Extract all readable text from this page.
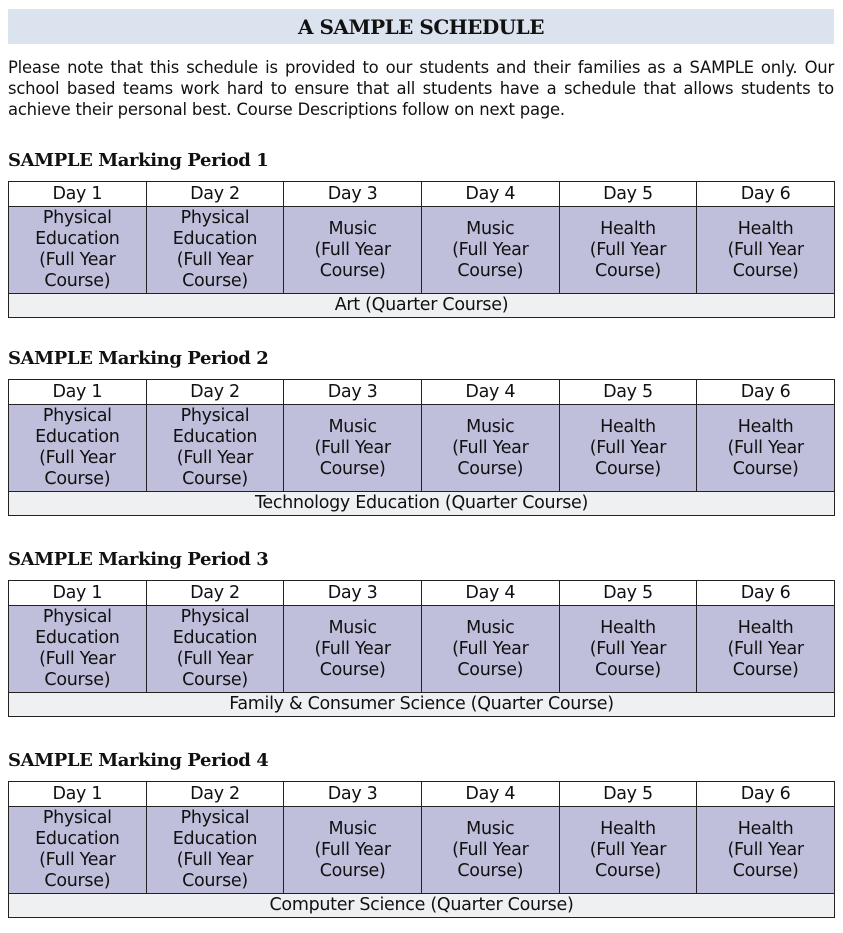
A SAMPLE SCHEDULE
Please note that this schedule is provided to our students and their families as a SAMPLE only. Our school based teams work hard to ensure that all students have a schedule that allows students to achieve their personal best. Course Descriptions follow on next page.
SAMPLE Marking Period 1
Day 1	Day 2	Day 3	Day 4	Day 5	Day 6

Physical
Education
(Full Year
Course)	Physical
Education
(Full Year
Course)	Music
(Full Year
Course)	Music
(Full Year
Course)	Health
(Full Year
Course)	Health
(Full Year
Course)

Art (Quarter Course)					
SAMPLE Marking Period 2
Day 1	Day 2	Day 3	Day 4	Day 5	Day 6

Physical
Education
(Full Year
Course)	Physical
Education
(Full Year
Course)	Music
(Full Year
Course)	Music
(Full Year
Course)	Health
(Full Year
Course)	Health
(Full Year
Course)

Technology Education (Quarter Course)					
SAMPLE Marking Period 3
Day 1	Day 2	Day 3	Day 4	Day 5	Day 6

Physical
Education
(Full Year
Course)	Physical
Education
(Full Year
Course)	Music
(Full Year
Course)	Music
(Full Year
Course)	Health
(Full Year
Course)	Health
(Full Year
Course)

Family & Consumer Science (Quarter Course)					
SAMPLE Marking Period 4
Day 1	Day 2	Day 3	Day 4	Day 5	Day 6

Physical
Education
(Full Year
Course)	Physical
Education
(Full Year
Course)	Music
(Full Year
Course)	Music
(Full Year
Course)	Health
(Full Year
Course)	Health
(Full Year
Course)

Computer Science (Quarter Course)					
